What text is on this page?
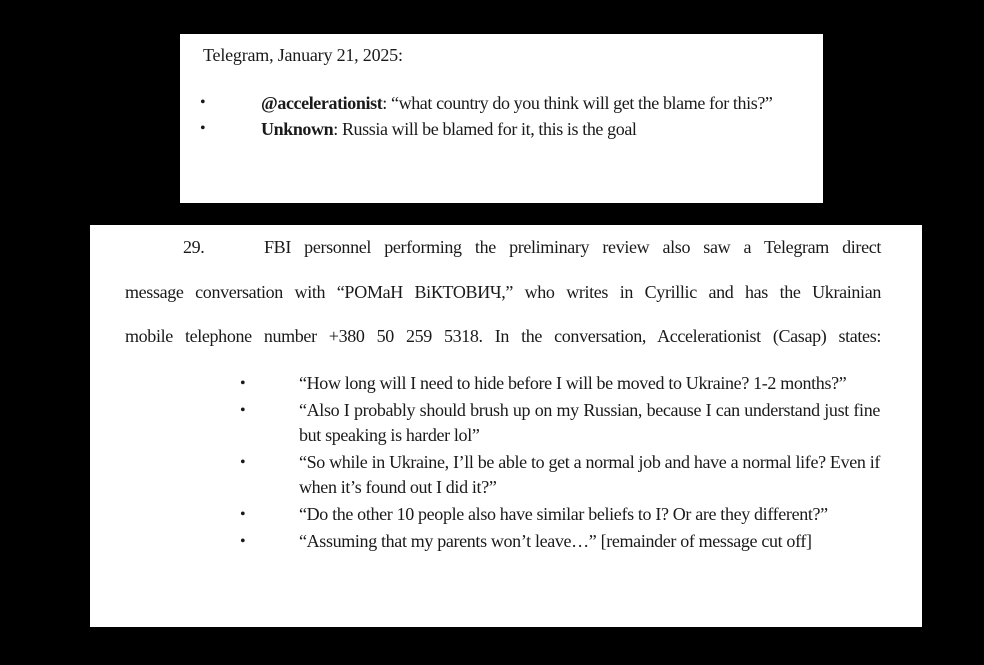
Telegram, January 21, 2025:
•	@accelerationist: “what country do you think will get the blame for this?”
•	Unknown: Russia will be blamed for it, this is the goal
29.	FBI personnel performing the preliminary review also saw a Telegram direct
message conversation with “РОМаН ВіКТОВИЧ,” who writes in Cyrillic and has the Ukrainian
mobile telephone number +380 50 259 5318. In the conversation, Accelerationist (Casap) states:
•	“How long will I need to hide before I will be moved to Ukraine? 1-2 months?”
•	“Also I probably should brush up on my Russian, because I can understand just fine but speaking is harder lol”
•	“So while in Ukraine, I’ll be able to get a normal job and have a normal life? Even if when it’s found out I did it?”
•	“Do the other 10 people also have similar beliefs to I? Or are they different?”
•	“Assuming that my parents won’t leave…” [remainder of message cut off]
